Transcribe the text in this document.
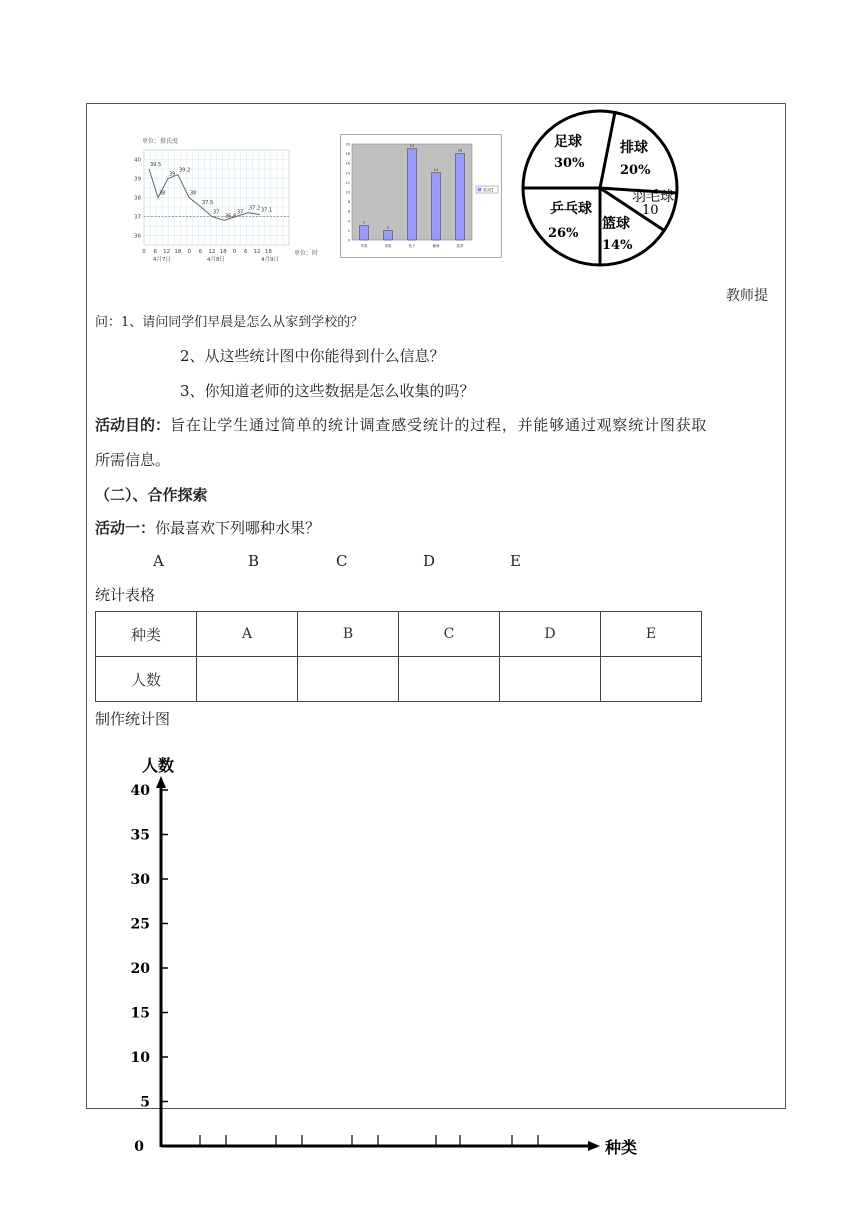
40
39
38
37
36
0 6 12 18 0 6 12 18 0 6 12 18
4月7日	4月8日	4月9日
39.5
38
39
39.2
38
37.5
37
36.8
37
37.2 37.1
单位：摄氏度
单位：时
0
2
4
6
8
10
12
14
16
18
20
3
苹果
2
香蕉
19
桔子
14
葡萄
18
菠萝
系列1
足球
30%
排球
20%
羽毛球
10
篮球
14%
乒乓球
26%
教师提
问：1、请问同学们早晨是怎么从家到学校的？
2、从这些统计图中你能得到什么信息？
3、你知道老师的这些数据是怎么收集的吗？
活动目的：旨在让学生通过简单的统计调查感受统计的过程，并能够通过观察统计图获取
所需信息。
（二）、合作探索
活动一：你最喜欢下列哪种水果？
A	B	C	D	E
统计表格
种类	A	B	C	D	E
人数					
制作统计图
人数
种类
40
35
30
25
20
15
10
5
0
